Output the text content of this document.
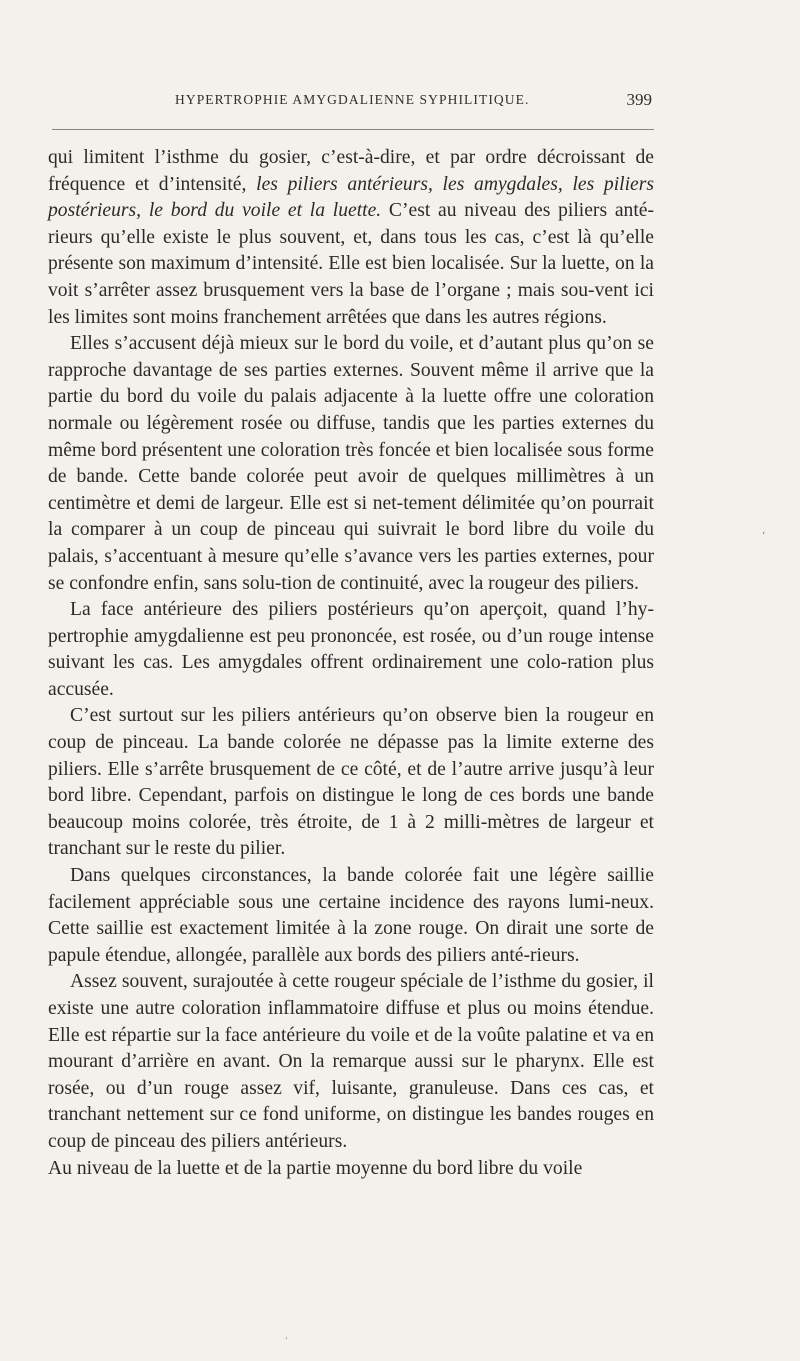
HYPERTROPHIE AMYGDALIENNE SYPHILITIQUE.	399

qui limitent l’isthme du gosier, c’est-à-dire, et par ordre décroissant de fréquence et d’intensité, les piliers antérieurs, les amygdales, les piliers postérieurs, le bord du voile et la luette. C’est au niveau des piliers anté-rieurs qu’elle existe le plus souvent, et, dans tous les cas, c’est là qu’elle présente son maximum d’intensité. Elle est bien localisée. Sur la luette, on la voit s’arrêter assez brusquement vers la base de l’organe ; mais sou-vent ici les limites sont moins franchement arrêtées que dans les autres régions.

Elles s’accusent déjà mieux sur le bord du voile, et d’autant plus qu’on se rapproche davantage de ses parties externes. Souvent même il arrive que la partie du bord du voile du palais adjacente à la luette offre une coloration normale ou légèrement rosée ou diffuse, tandis que les parties externes du même bord présentent une coloration très foncée et bien localisée sous forme de bande. Cette bande colorée peut avoir de quelques millimètres à un centimètre et demi de largeur. Elle est si net-tement délimitée qu’on pourrait la comparer à un coup de pinceau qui suivrait le bord libre du voile du palais, s’accentuant à mesure qu’elle s’avance vers les parties externes, pour se confondre enfin, sans solu-tion de continuité, avec la rougeur des piliers.

La face antérieure des piliers postérieurs qu’on aperçoit, quand l’hy-pertrophie amygdalienne est peu prononcée, est rosée, ou d’un rouge intense suivant les cas. Les amygdales offrent ordinairement une colo-ration plus accusée.

C’est surtout sur les piliers antérieurs qu’on observe bien la rougeur en coup de pinceau. La bande colorée ne dépasse pas la limite externe des piliers. Elle s’arrête brusquement de ce côté, et de l’autre arrive jusqu’à leur bord libre. Cependant, parfois on distingue le long de ces bords une bande beaucoup moins colorée, très étroite, de 1 à 2 milli-mètres de largeur et tranchant sur le reste du pilier.

Dans quelques circonstances, la bande colorée fait une légère saillie facilement appréciable sous une certaine incidence des rayons lumi-neux. Cette saillie est exactement limitée à la zone rouge. On dirait une sorte de papule étendue, allongée, parallèle aux bords des piliers anté-rieurs.

Assez souvent, surajoutée à cette rougeur spéciale de l’isthme du gosier, il existe une autre coloration inflammatoire diffuse et plus ou moins étendue. Elle est répartie sur la face antérieure du voile et de la voûte palatine et va en mourant d’arrière en avant. On la remarque aussi sur le pharynx. Elle est rosée, ou d’un rouge assez vif, luisante, granuleuse. Dans ces cas, et tranchant nettement sur ce fond uniforme, on distingue les bandes rouges en coup de pinceau des piliers antérieurs.

Au niveau de la luette et de la partie moyenne du bord libre du voile

‘
,
